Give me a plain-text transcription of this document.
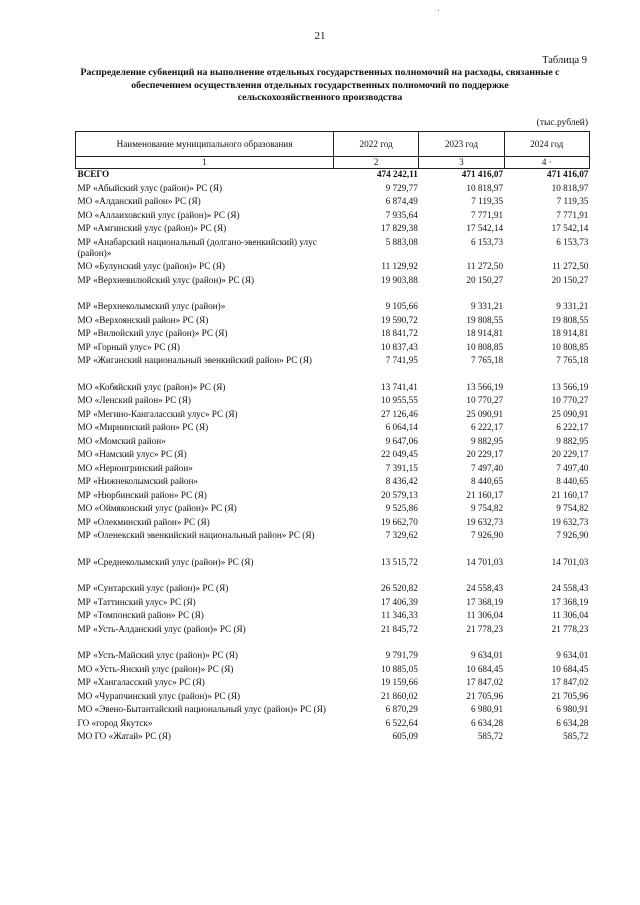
21
Таблица 9
Распределение субвенций на выполнение отдельных государственных полномочий на расходы, связанные с обеспечением осуществления отдельных государственных полномочий по поддержке сельскохозяйственного производства
(тыс.рублей)
Наименование муниципального образования	2022 год	2023 год	2024 год
1	2	3	4 ·
ВСЕГО	474 242,11	471 416,07	471 416,07
МР «Абыйский улус (район)» РС (Я)	9 729,77	10 818,97	10 818,97
МО «Алданский район» РС (Я)	6 874,49	7 119,35	7 119,35
МО «Аллаиховский улус (район)» РС (Я)	7 935,64	7 771,91	7 771,91
МР «Амгинский улус (район)» РС (Я)	17 829,38	17 542,14	17 542,14
МР «Анабарский национальный (долгано-эвенкийский) улус (район)»	5 883,08	6 153,73	6 153,73
МО «Булунский улус (район)» РС (Я)	11 129,92	11 272,50	11 272,50
МР «Верхневилюйский улус (район)» РС (Я)	19 903,88	20 150,27	20 150,27

МР «Верхнеколымский улус (район)»	9 105,66	9 331,21	9 331,21
МО «Верхоянский район» РС (Я)	19 590,72	19 808,55	19 808,55
МР «Вилюйский улус (район)» РС (Я)	18 841,72	18 914,81	18 914,81
МР «Горный улус» РС (Я)	10 837,43	10 808,85	10 808,85
МР «Жиганский национальный эвенкийский район» РС (Я)	7 741,95	7 765,18	7 765,18

МО «Кобяйский улус (район)» РС (Я)	13 741,41	13 566,19	13 566,19
МО «Ленский район» РС (Я)	10 955,55	10 770,27	10 770,27
МР «Мегино-Кангаласский улус» РС (Я)	27 126,46	25 090,91	25 090,91
МО «Мирнинский район» РС (Я)	6 064,14	6 222,17	6 222,17
МО «Момский район»	9 647,06	9 882,95	9 882,95
МО «Намский улус» РС (Я)	22 049,45	20 229,17	20 229,17
МО «Нерюнгринский район»	7 391,15	7 497,40	7 497,40
МР «Нижнеколымский район»	8 436,42	8 440,65	8 440,65
МР «Нюрбинский район» РС (Я)	20 579,13	21 160,17	21 160,17
МО «Оймяконский улус (район)» РС (Я)	9 525,86	9 754,82	9 754,82
МР «Олекминский район» РС (Я)	19 662,70	19 632,73	19 632,73
МР «Оленекский эвенкийский национальный район» РС (Я)	7 329,62	7 926,90	7 926,90

МР «Среднеколымский улус (район)» РС (Я)	13 515,72	14 701,03	14 701,03

МР «Сунтарский улус (район)» РС (Я)	26 520,82	24 558,43	24 558,43
МР «Таттинский улус» РС (Я)	17 406,39	17 368,19	17 368,19
МР «Томпонский район» РС (Я)	11 346,33	11 306,04	11 306,04
МР «Усть-Алданский улус (район)» РС (Я)	21 845,72	21 778,23	21 778,23

МР «Усть-Майский улус (район)» РС (Я)	9 791,79	9 634,01	9 634,01
МО «Усть-Янский улус (район)» РС (Я)	10 885,05	10 684,45	10 684,45
МР «Хангаласский улус» РС (Я)	19 159,66	17 847,02	17 847,02
МО «Чурапчинский улус (район)» РС (Я)	21 860,02	21 705,96	21 705,96
МО «Эвено-Бытантайский национальный улус (район)» РС (Я)	6 870,29	6 980,91	6 980,91
ГО «город Якутск»	6 522,64	6 634,28	6 634,28
МО ГО «Жатай» РС (Я)	605,09	585,72	585,72
